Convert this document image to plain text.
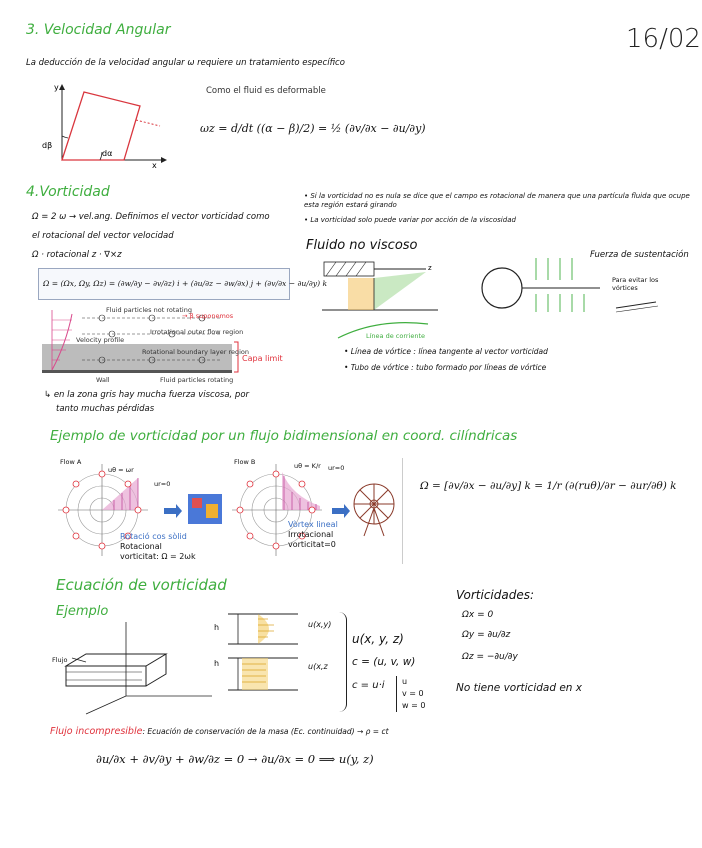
16/02
3. Velocidad Angular
La deducción de la velocidad angular ω requiere un tratamiento específico
y
x
dβ
dα
Como el fluid es deformable
ωz = d/dt ((α − β)/2) = ½ (∂v/∂x − ∂u/∂y)
4.Vorticidad
Ω = 2 ω → vel.ang. Definimos el vector vorticidad como
el rotacional del vector velocidad
Ω · rotacional z · ∇×z
Ω = (Ωx, Ωy, Ωz) = (∂w/∂y − ∂v/∂z) i + (∂u/∂z − ∂w/∂x) j + (∂v/∂x − ∂u/∂y) k
Fluid particles not rotating
→ β suponemos
Velocity profile
Irrotational outer flow region
Rotational boundary layer region
Wall	Fluid particles rotating
Capa limit
↳ en la zona gris hay mucha fuerza viscosa, por
tanto muchas pérdidas
• Si la vorticidad no es nula se dice que el campo es rotacional de manera que una partícula fluida que ocupe esta región estará girando
• La vorticidad solo puede variar por acción de la viscosidad
Fluido no viscoso
z
Línea de corriente
Fuerza de sustentación
Para evitar los vórtices
• Línea de vórtice : línea tangente al vector vorticidad
• Tubo de vórtice : tubo formado por líneas de vórtice
Ejemplo de vorticidad por un flujo bidimensional en coord. cilíndricas
Flow A
uθ = ωr
ur=0
Rotació cos sòlid
Rotacional
vorticitat: Ω = 2ωk
Flow B	uθ = K/r ur=0
Vòrtex lineal
Irrotacional
vorticitat=0
Ω = [∂v/∂x − ∂u/∂y] k = 1/r (∂(ruθ)/∂r − ∂ur/∂θ) k
Ecuación de vorticidad
Ejemplo
Flujo
h
h
u(x,y)
u(x,z
u(x, y, z)
c = (u, v, w)
c = u·i u
v = 0
w = 0
Vorticidades:
Ωx = 0
Ωy = ∂u/∂z
Ωz = −∂u/∂y
No tiene vorticidad en x
Flujo incompresible: Ecuación de conservación de la masa (Ec. continuidad) → ρ = ct
∂u/∂x + ∂v/∂y + ∂w/∂z = 0 → ∂u/∂x = 0 ⟹ u(y, z)
